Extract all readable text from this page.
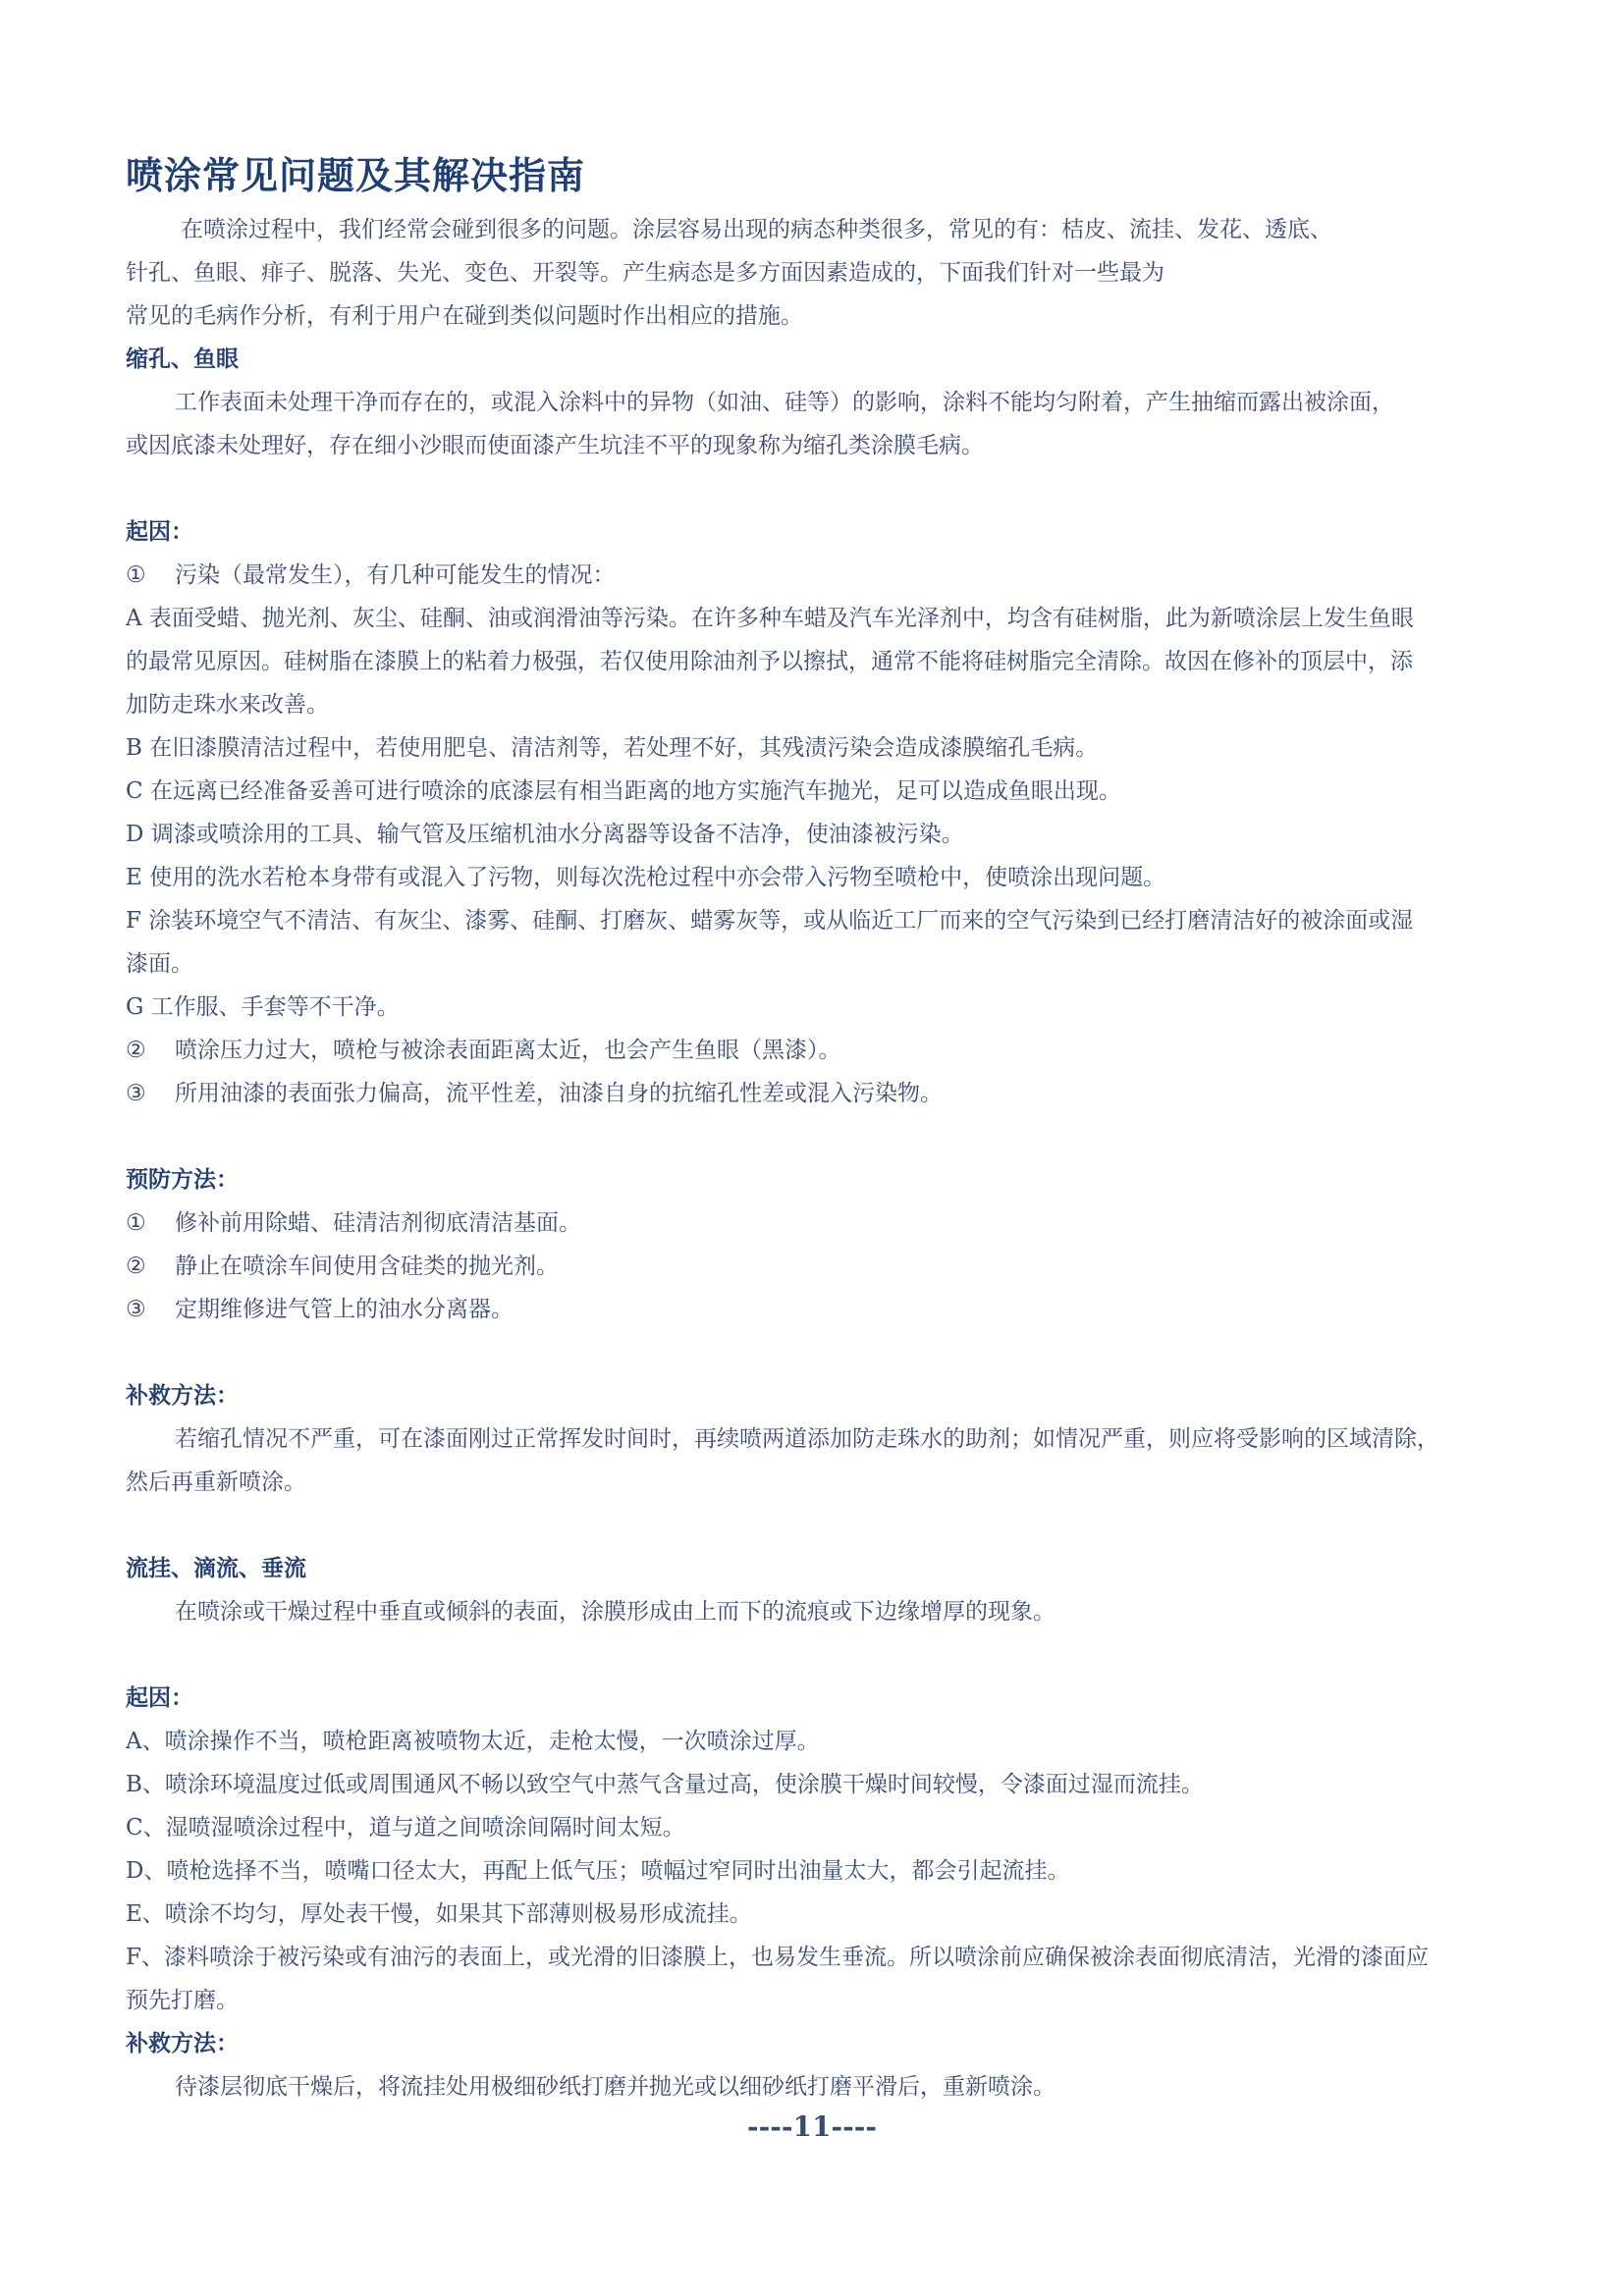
喷涂常见问题及其解决指南
在喷涂过程中，我们经常会碰到很多的问题。涂层容易出现的病态种类很多，常见的有：桔皮、流挂、发花、透底、
针孔、鱼眼、痱子、脱落、失光、变色、开裂等。产生病态是多方面因素造成的，下面我们针对一些最为
常见的毛病作分析，有利于用户在碰到类似问题时作出相应的措施。
缩孔、鱼眼
工作表面未处理干净而存在的，或混入涂料中的异物（如油、硅等）的影响，涂料不能均匀附着，产生抽缩而露出被涂面，
或因底漆未处理好，存在细小沙眼而使面漆产生坑洼不平的现象称为缩孔类涂膜毛病。
起因：
① 污染（最常发生），有几种可能发生的情况：
A 表面受蜡、抛光剂、灰尘、硅酮、油或润滑油等污染。在许多种车蜡及汽车光泽剂中，均含有硅树脂，此为新喷涂层上发生鱼眼
的最常见原因。硅树脂在漆膜上的粘着力极强，若仅使用除油剂予以擦拭，通常不能将硅树脂完全清除。故因在修补的顶层中，添
加防走珠水来改善。
B 在旧漆膜清洁过程中，若使用肥皂、清洁剂等，若处理不好，其残渍污染会造成漆膜缩孔毛病。
C 在远离已经准备妥善可进行喷涂的底漆层有相当距离的地方实施汽车抛光，足可以造成鱼眼出现。
D 调漆或喷涂用的工具、输气管及压缩机油水分离器等设备不洁净，使油漆被污染。
E 使用的洗水若枪本身带有或混入了污物，则每次洗枪过程中亦会带入污物至喷枪中，使喷涂出现问题。
F 涂装环境空气不清洁、有灰尘、漆雾、硅酮、打磨灰、蜡雾灰等，或从临近工厂而来的空气污染到已经打磨清洁好的被涂面或湿
漆面。
G 工作服、手套等不干净。
② 喷涂压力过大，喷枪与被涂表面距离太近，也会产生鱼眼（黑漆）。
③ 所用油漆的表面张力偏高，流平性差，油漆自身的抗缩孔性差或混入污染物。
预防方法：
① 修补前用除蜡、硅清洁剂彻底清洁基面。
② 静止在喷涂车间使用含硅类的抛光剂。
③ 定期维修进气管上的油水分离器。
补救方法：
若缩孔情况不严重，可在漆面刚过正常挥发时间时，再续喷两道添加防走珠水的助剂；如情况严重，则应将受影响的区域清除，
然后再重新喷涂。
流挂、滴流、垂流
在喷涂或干燥过程中垂直或倾斜的表面，涂膜形成由上而下的流痕或下边缘增厚的现象。
起因：
A、喷涂操作不当，喷枪距离被喷物太近，走枪太慢，一次喷涂过厚。
B、喷涂环境温度过低或周围通风不畅以致空气中蒸气含量过高，使涂膜干燥时间较慢，令漆面过湿而流挂。
C、湿喷湿喷涂过程中，道与道之间喷涂间隔时间太短。
D、喷枪选择不当，喷嘴口径太大，再配上低气压；喷幅过窄同时出油量太大，都会引起流挂。
E、喷涂不均匀，厚处表干慢，如果其下部薄则极易形成流挂。
F、漆料喷涂于被污染或有油污的表面上，或光滑的旧漆膜上，也易发生垂流。所以喷涂前应确保被涂表面彻底清洁，光滑的漆面应
预先打磨。
补救方法：
待漆层彻底干燥后，将流挂处用极细砂纸打磨并抛光或以细砂纸打磨平滑后，重新喷涂。
----11----
